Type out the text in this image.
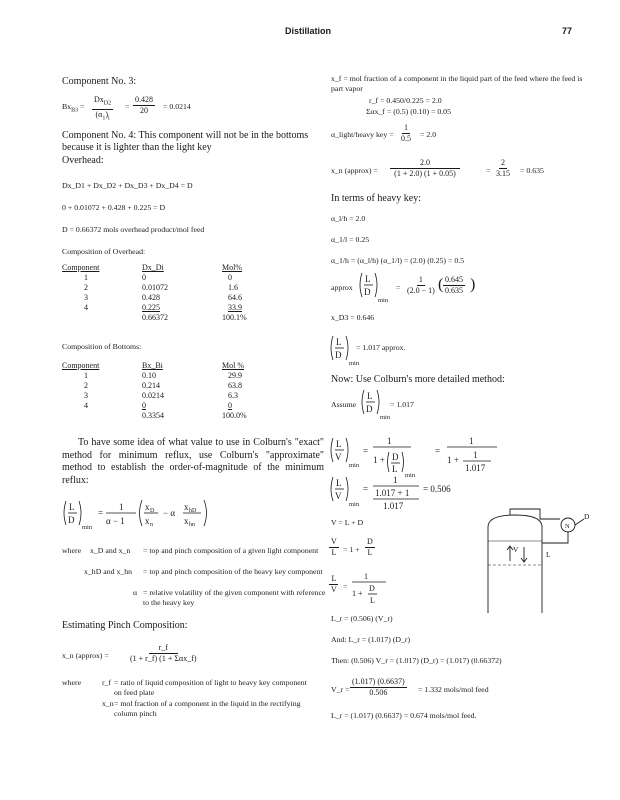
Distillation	77
Component No. 3:
$Bx_{B3}$ =
$Dx_{D2}$
$(\alpha_1)_i$
= $\frac{0.428}{20} = 0.0214$
Component No. 4: This component will not be in the bottoms because it is lighter than the light key
Overhead:
Dx_D1 + Dx_D2 + Dx_D3 + Dx_D4 = D
0 + 0.01072 + 0.428 + 0.225 = D
D = 0.66372 mols overhead product/mol feed
Composition of Overhead:
Component	Dx_Di	Mol%
1	0	0
2	0.01072	1.6
3	0.428	64.6
4	0.225	33.9
	0.66372	100.1%
Composition of Bottoms:
Component	Bx_Bi	Mol %
1	0.10	29.9
2	0.214	63.8
3	0.0214	6.3
4	0	0
	0.3354	100.0%
To have some idea of what value to use in Colburn's "exact" method for minimum reflux, use Colburn's "approximate" method to establish the order-of-magnitude of the minimum reflux:
L
D
min
=
1
α − 1
x D
x n
− α
x hD
x hn
where x_D and x_n = top and pinch composition of a given light component
x_hD and x_hn = top and pinch composition of the heavy key component
α = relative volatility of the given component with reference to the heavy key
Estimating Pinch Composition:
x_n (approx) =
r_f
(1 + r_f) (1 + Σαx_f)
where	r_f = ratio of liquid composition of light to heavy key component on feed plate
x_n = mol fraction of a component in the liquid in the rectifying column pinch
x_f = mol fraction of a component in the liquid part of the feed where the feed is part vapor
r_f = 0.450/0.225 = 2.0
Σαx_f = (0.5) (0.10) = 0.05
α_light/heavy key = $\frac{1}{0.5} = 2.0$
x_n (approx) = $\frac{2.0}{(1 + 2.0) (1 + 0.05)}$	= $\frac{2}{3.15} = 0.635$
In terms of heavy key:
α_l/h = 2.0
α_1/l = 0.25
α_1/h = (α_l/h) (α_1/l) = (2.0) (0.25) = 0.5
approx
L
D
min
= $\frac{1}{(2.0 - 1)}$ ( $\frac{0.645}{0.635}$ )
x_D3 = 0.646
L
D
min
= 1.017 approx.
Now: Use Colburn's more detailed method:
Assume
L
D
min
= 1.017
L
V
min
=
1
1 + D
L
min
=
1
1 + 1
1.017
L
V
min
=
1
1.017 + 1
1.017
= 0.506
V = L + D
$\frac{V}{L} = 1 + \frac{D}{L}$
$\frac{L}{V}$ =
1
1 +
D
L
L_r = (0.506) (V_r)
And: L_r = (1.017) (D_r)
Then: (0.506) V_r = (1.017) (D_r) = (1.017) (0.66372)
V_r = $\frac{(1.017) (0.6637)}{0.506} = 1.332$ mols/mol feed
L_r = (1.017) (0.6637) = 0.674 mols/mol feed.
N
D
V
L
